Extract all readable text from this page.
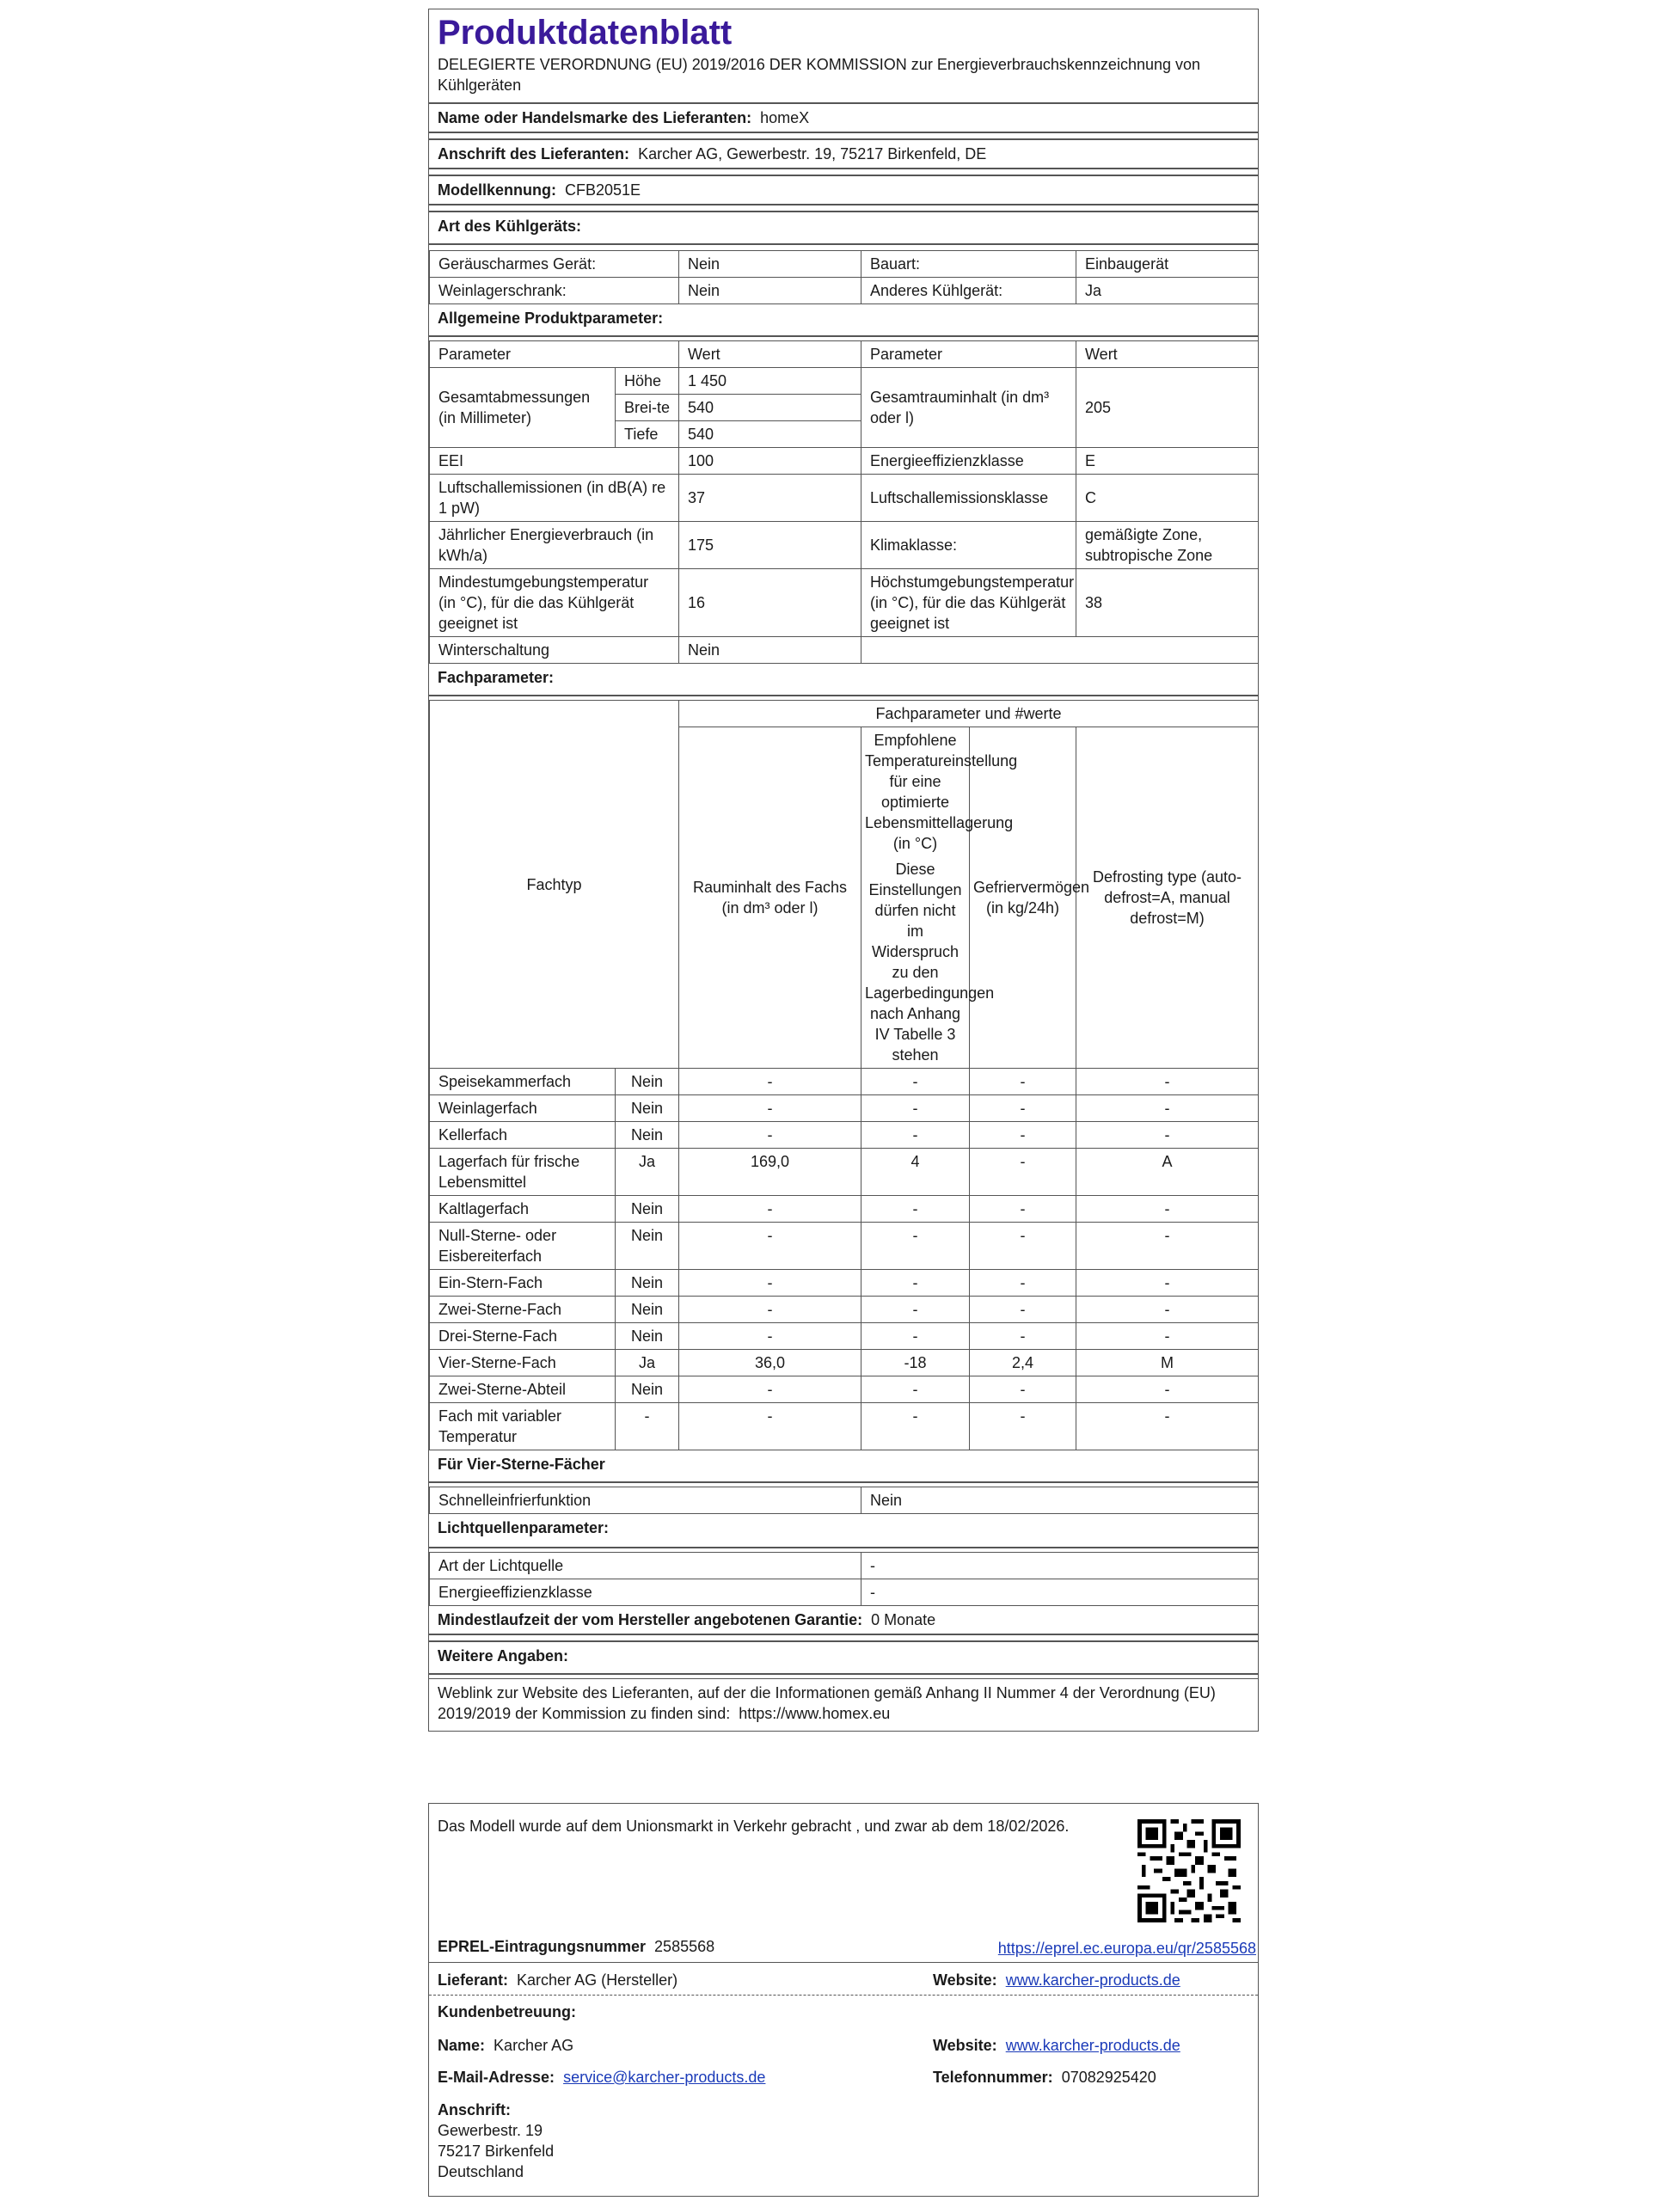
Produktdatenblatt
DELEGIERTE VERORDNUNG (EU) 2019/2016 DER KOMMISSION zur Energieverbrauchskennzeichnung von Kühlgeräten
Name oder Handelsmarke des Lieferanten: homeX
Anschrift des Lieferanten: Karcher AG, Gewerbestr. 19, 75217 Birkenfeld, DE
Modellkennung: CFB2051E
Art des Kühlgeräts:
Geräuscharmes Gerät:	Nein	Bauart:	Einbaugerät
Weinlagerschrank:	Nein	Anderes Kühlgerät:	Ja
Allgemeine Produktparameter:
Parameter		Wert	Parameter	Wert
Gesamtabmessungen (in Millimeter)	Höhe	1 450	Gesamtrauminhalt (in dm³ oder l)	205
	Brei-te	540		
	Tiefe	540		
EEI		100	Energieeffizienzklasse	E
Luftschallemissionen (in dB(A) re 1 pW)		37	Luftschallemissionsklasse	C
Jährlicher Energieverbrauch (in kWh/a)		175	Klimaklasse:	gemäßigte Zone, subtropische Zone
Mindestumgebungstemperatur (in °C), für die das Kühlgerät geeignet ist		16	Höchstumgebungstemperatur (in °C), für die das Kühlgerät geeignet ist	38
Winterschaltung		Nein		
Fachparameter:
Fachtyp		Fachparameter und #werte			
		Rauminhalt des Fachs (in dm³ oder l)	Empfohlene Temperatureinstellung für eine optimierte Lebensmittellagerung (in °C)
Diese Einstellungen dürfen nicht im Widerspruch zu den Lagerbedingungen nach Anhang IV Tabelle 3 stehen	Gefriervermögen (in kg/24h)	Defrosting type (auto-defrost=A, manual defrost=M)
Speisekammerfach	Nein	-	-	-	-
Weinlagerfach	Nein	-	-	-	-
Kellerfach	Nein	-	-	-	-
Lagerfach für frische Lebensmittel	Ja	169,0	4	-	A
Kaltlagerfach	Nein	-	-	-	-
Null-Sterne- oder Eisbereiterfach	Nein	-	-	-	-
Ein-Stern-Fach	Nein	-	-	-	-
Zwei-Sterne-Fach	Nein	-	-	-	-
Drei-Sterne-Fach	Nein	-	-	-	-
Vier-Sterne-Fach	Ja	36,0	-18	2,4	M
Zwei-Sterne-Abteil	Nein	-	-	-	-
Fach mit variabler Temperatur	-	-	-	-	-
Für Vier-Sterne-Fächer
Schnelleinfrierfunktion	Nein
Lichtquellenparameter:
Art der Lichtquelle	-
Energieeffizienzklasse	-
Mindestlaufzeit der vom Hersteller angebotenen Garantie: 0 Monate
Weitere Angaben:
Weblink zur Website des Lieferanten, auf der die Informationen gemäß Anhang II Nummer 4 der Verordnung (EU) 2019/2019 der Kommission zu finden sind: https://www.homex.eu
Das Modell wurde auf dem Unionsmarkt in Verkehr gebracht , und zwar ab dem 18/02/2026.
EPREL-Eintragungsnummer 2585568	https://eprel.ec.europa.eu/qr/2585568
Lieferant: Karcher AG (Hersteller)	Website: www.karcher-products.de
Kundenbetreuung:
Name: Karcher AG	Website: www.karcher-products.de
E-Mail-Adresse: service@karcher-products.de	Telefonnummer: 07082925420
Anschrift:
Gewerbestr. 19
75217 Birkenfeld
Deutschland
